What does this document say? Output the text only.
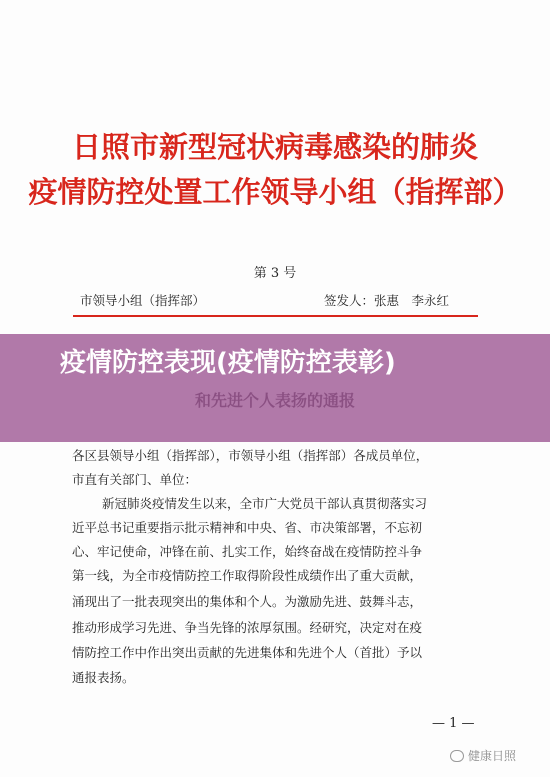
日照市新型冠状病毒感染的肺炎
疫情防控处置工作领导小组（指挥部）
第 3 号
市领导小组（指挥部）	签发人：张惠　李永红
疫情防控表现(疫情防控表彰)
各区县领导小组（指挥部），市领导小组（指挥部）各成员单位，
市直有关部门、单位：
新冠肺炎疫情发生以来，全市广大党员干部认真贯彻落实习
近平总书记重要指示批示精神和中央、省、市决策部署，不忘初
心、牢记使命，冲锋在前、扎实工作，始终奋战在疫情防控斗争
第一线，为全市疫情防控工作取得阶段性成绩作出了重大贡献，
涌现出了一批表现突出的集体和个人。为激励先进、鼓舞斗志，
推动形成学习先进、争当先锋的浓厚氛围。经研究，决定对在疫
情防控工作中作出突出贡献的先进集体和先进个人（首批）予以
通报表扬。
— 1 —
健康日照
